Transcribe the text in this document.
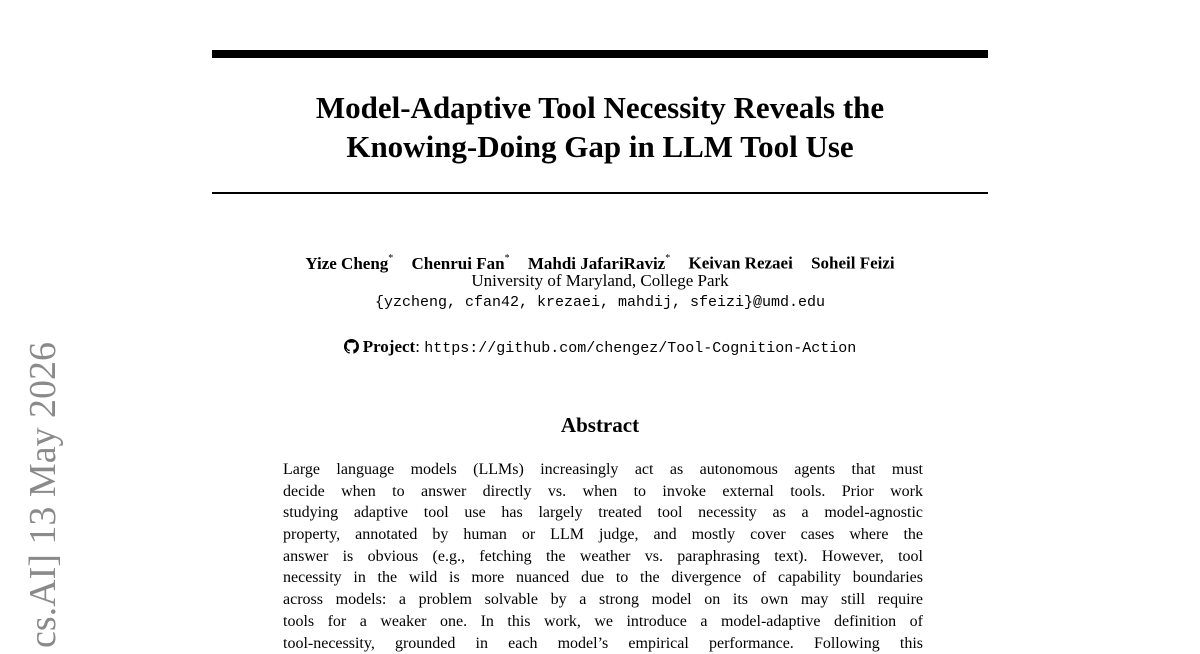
Model-Adaptive Tool Necessity Reveals the
Knowing-Doing Gap in LLM Tool Use
Yize Cheng* Chenrui Fan* Mahdi JafariRaviz* Keivan Rezaei Soheil Feizi
University of Maryland, College Park
{yzcheng, cfan42, krezaei, mahdij, sfeizi}@umd.edu
Project: https://github.com/chengez/Tool-Cognition-Action
Abstract
Large language models (LLMs) increasingly act as autonomous agents that must
decide when to answer directly vs. when to invoke external tools. Prior work
studying adaptive tool use has largely treated tool necessity as a model-agnostic
property, annotated by human or LLM judge, and mostly cover cases where the
answer is obvious (e.g., fetching the weather vs. paraphrasing text). However, tool
necessity in the wild is more nuanced due to the divergence of capability boundaries
across models: a problem solvable by a strong model on its own may still require
tools for a weaker one. In this work, we introduce a model-adaptive definition of
tool-necessity, grounded in each model’s empirical performance. Following this
cs.AI] 13 May 2026
